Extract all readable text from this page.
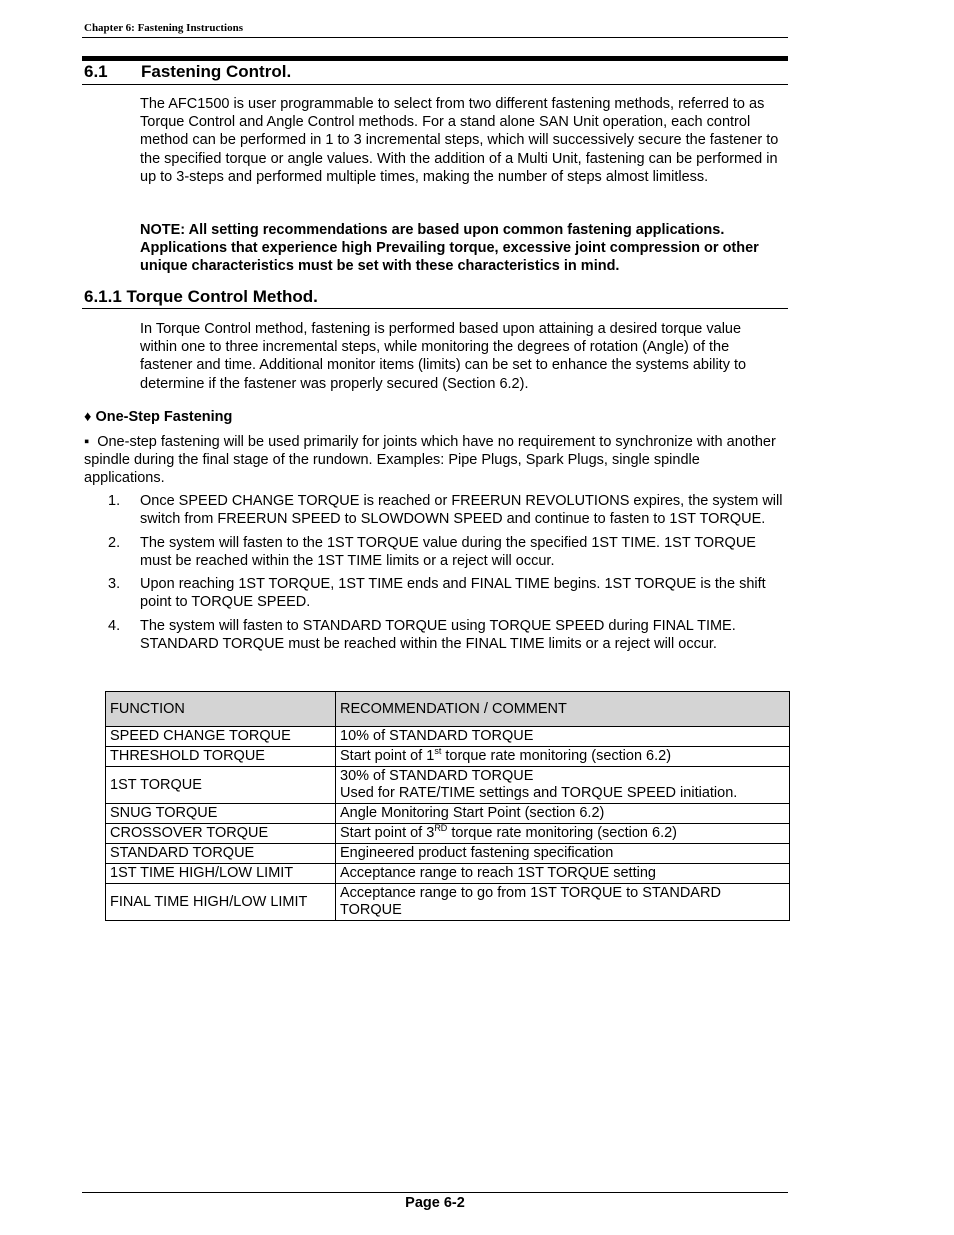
Chapter 6: Fastening Instructions
6.1 Fastening Control.
The AFC1500 is user programmable to select from two different fastening methods, referred to as Torque Control and Angle Control methods. For a stand alone SAN Unit operation, each control method can be performed in 1 to 3 incremental steps, which will successively secure the fastener to the specified torque or angle values. With the addition of a Multi Unit, fastening can be performed in up to 3-steps and performed multiple times, making the number of steps almost limitless.
NOTE: All setting recommendations are based upon common fastening applications. Applications that experience high Prevailing torque, excessive joint compression or other unique characteristics must be set with these characteristics in mind.
6.1.1 Torque Control Method.
In Torque Control method, fastening is performed based upon attaining a desired torque value within one to three incremental steps, while monitoring the degrees of rotation (Angle) of the fastener and time. Additional monitor items (limits) can be set to enhance the systems ability to determine if the fastener was properly secured (Section 6.2).
♦ One-Step Fastening
▪ One-step fastening will be used primarily for joints which have no requirement to synchronize with another spindle during the final stage of the rundown. Examples: Pipe Plugs, Spark Plugs, single spindle applications.
1. Once SPEED CHANGE TORQUE is reached or FREERUN REVOLUTIONS expires, the system will switch from FREERUN SPEED to SLOWDOWN SPEED and continue to fasten to 1ST TORQUE.
2. The system will fasten to the 1ST TORQUE value during the specified 1ST TIME. 1ST TORQUE must be reached within the 1ST TIME limits or a reject will occur.
3. Upon reaching 1ST TORQUE, 1ST TIME ends and FINAL TIME begins. 1ST TORQUE is the shift point to TORQUE SPEED.
4. The system will fasten to STANDARD TORQUE using TORQUE SPEED during FINAL TIME. STANDARD TORQUE must be reached within the FINAL TIME limits or a reject will occur.
FUNCTION	RECOMMENDATION / COMMENT
SPEED CHANGE TORQUE	10% of STANDARD TORQUE
THRESHOLD TORQUE	Start point of 1st torque rate monitoring (section 6.2)
1ST TORQUE	30% of STANDARD TORQUE
Used for RATE/TIME settings and TORQUE SPEED initiation.

SNUG TORQUE	Angle Monitoring Start Point (section 6.2)
CROSSOVER TORQUE	Start point of 3RD torque rate monitoring (section 6.2)
STANDARD TORQUE	Engineered product fastening specification
1ST TIME HIGH/LOW LIMIT	Acceptance range to reach 1ST TORQUE setting
FINAL TIME HIGH/LOW LIMIT	Acceptance range to go from 1ST TORQUE to STANDARD TORQUE
Page 6-2
